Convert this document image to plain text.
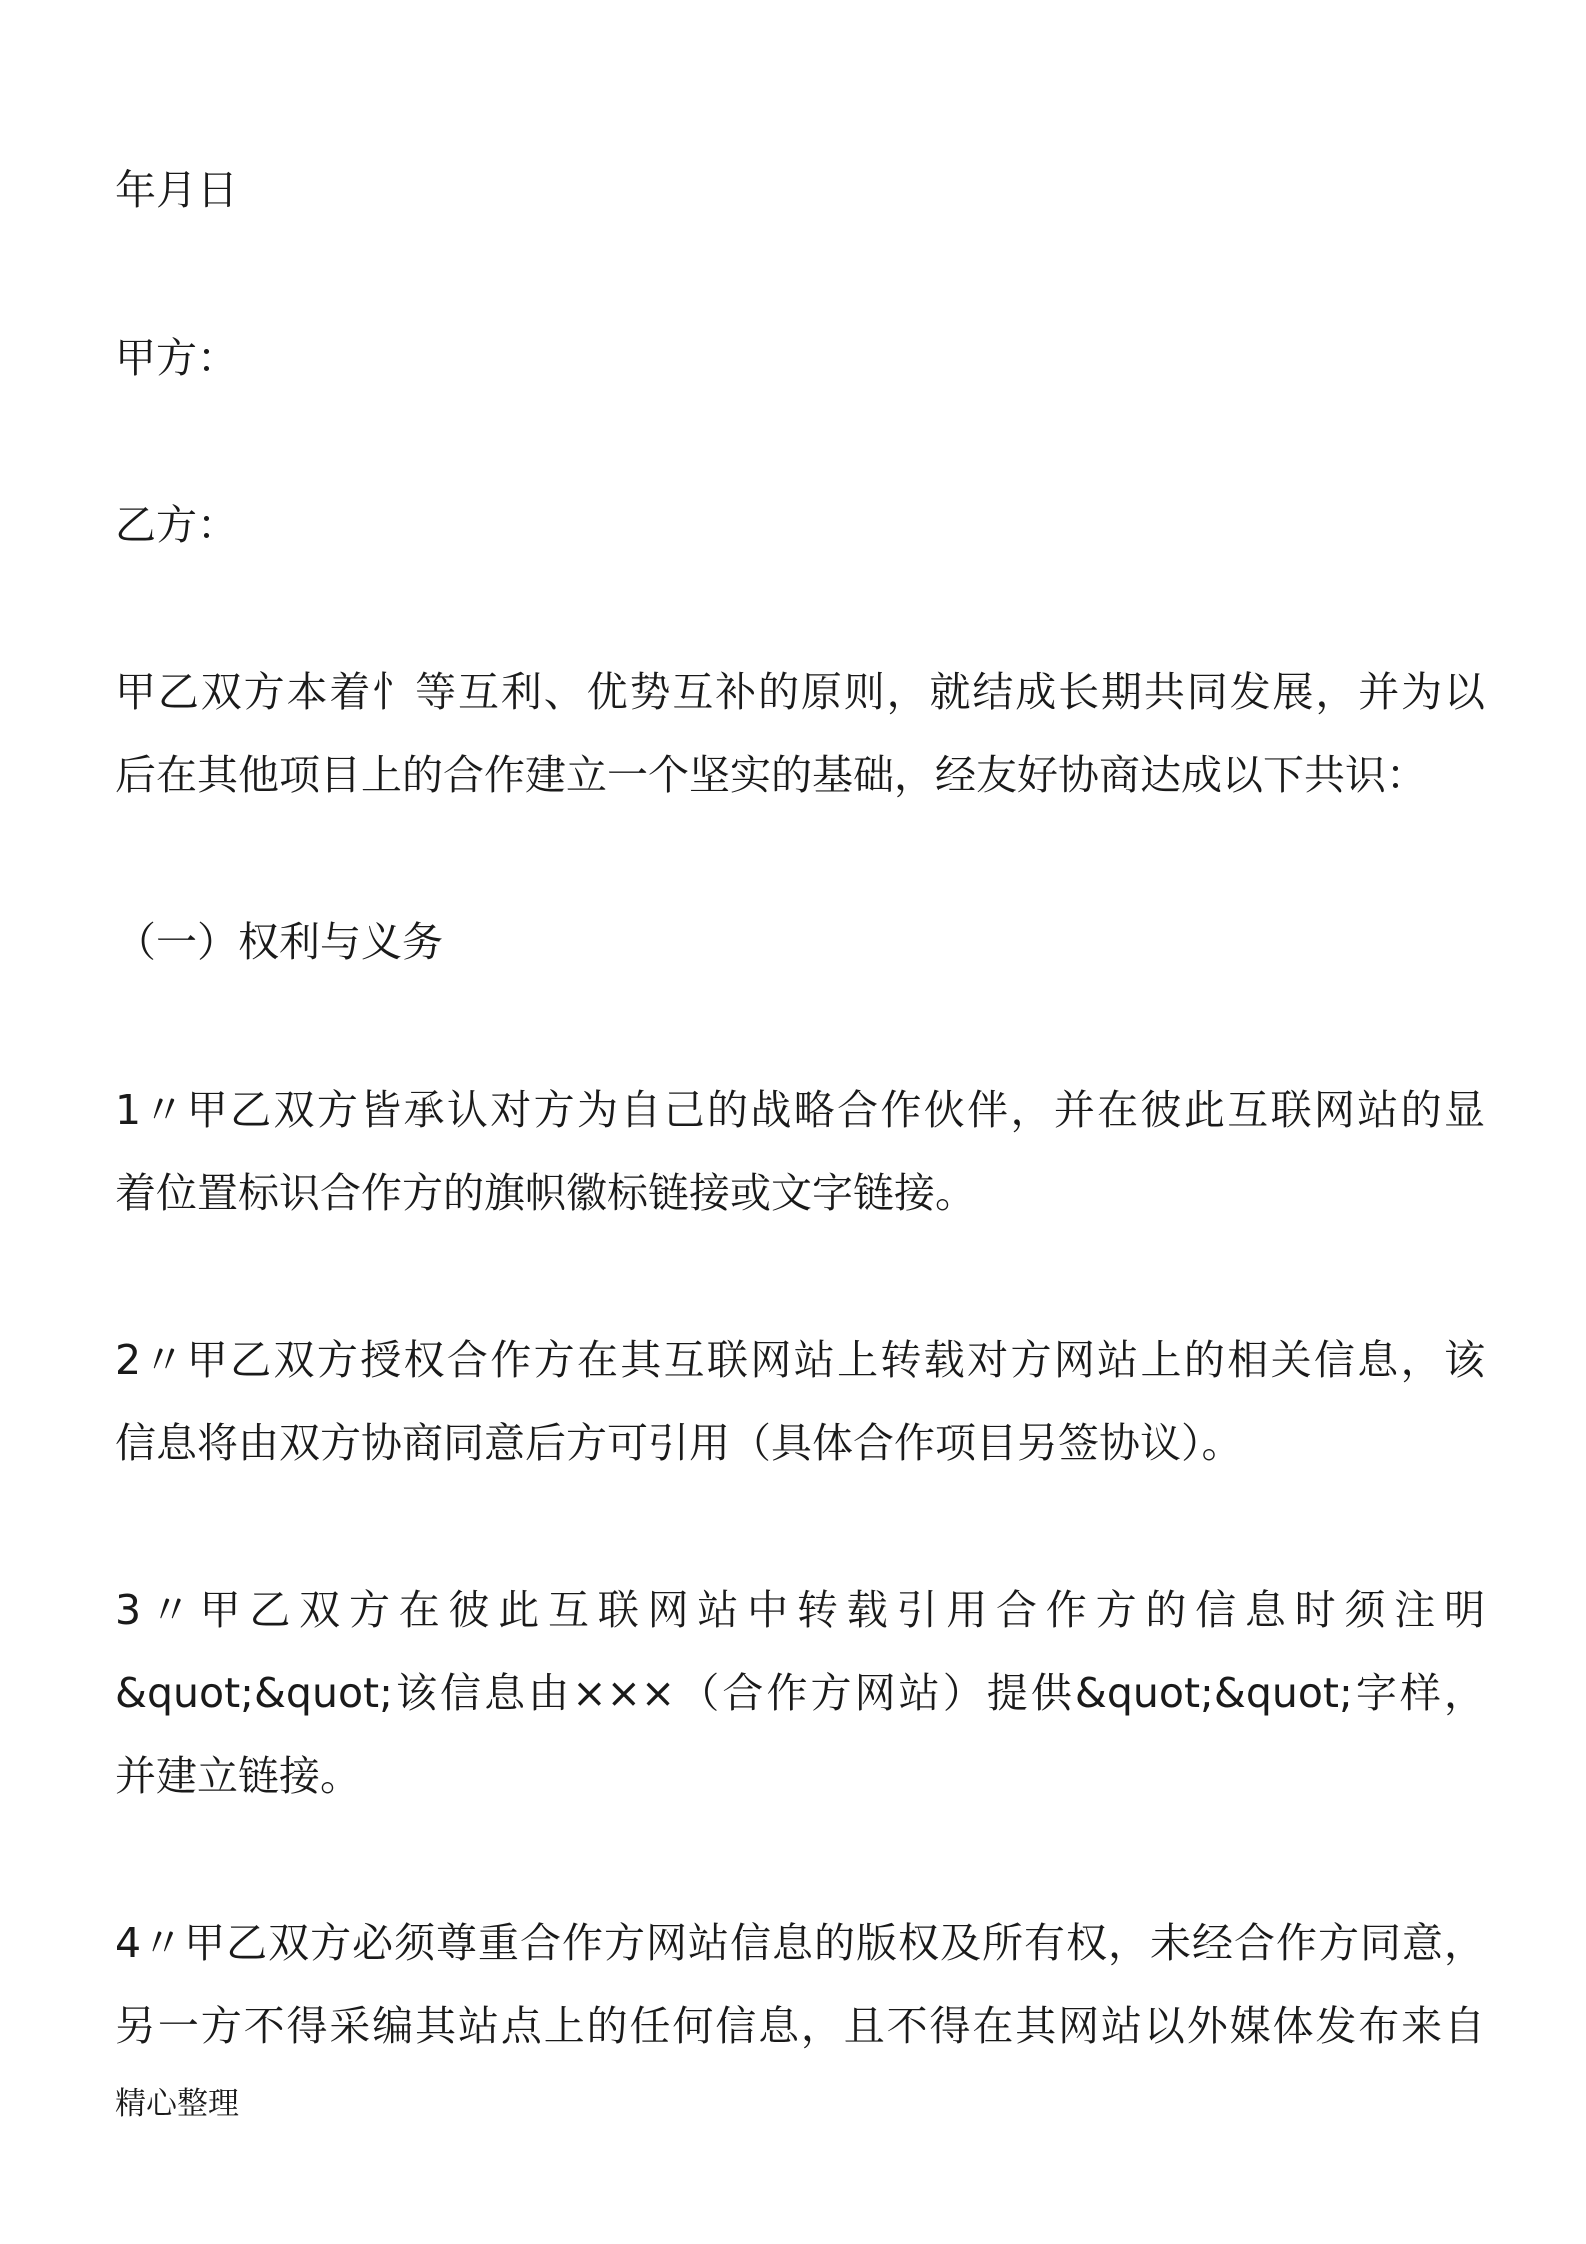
年月日

甲方：

乙方：

甲乙双方本着忄等互利、优势互补的原则，就结成长期共同发展，并为以

后在其他项目上的合作建立一个坚实的基础，经友好协商达成以下共识：

（一）权利与义务

1〃甲乙双方皆承认对方为自己的战略合作伙伴，并在彼此互联网站的显

着位置标识合作方的旗帜徽标链接或文字链接。

2〃甲乙双方授权合作方在其互联网站上转载对方网站上的相关信息，该

信息将由双方协商同意后方可引用（具体合作项目另签协议）。

3〃甲乙双方在彼此互联网站中转载引用合作方的信息时须注明

&quot;&quot;该信息由×××（合作方网站）提供&quot;&quot;字样，

并建立链接。

4〃甲乙双方必须尊重合作方网站信息的版权及所有权，未经合作方同意，

另一方不得采编其站点上的任何信息，且不得在其网站以外媒体发布来自

精心整理
